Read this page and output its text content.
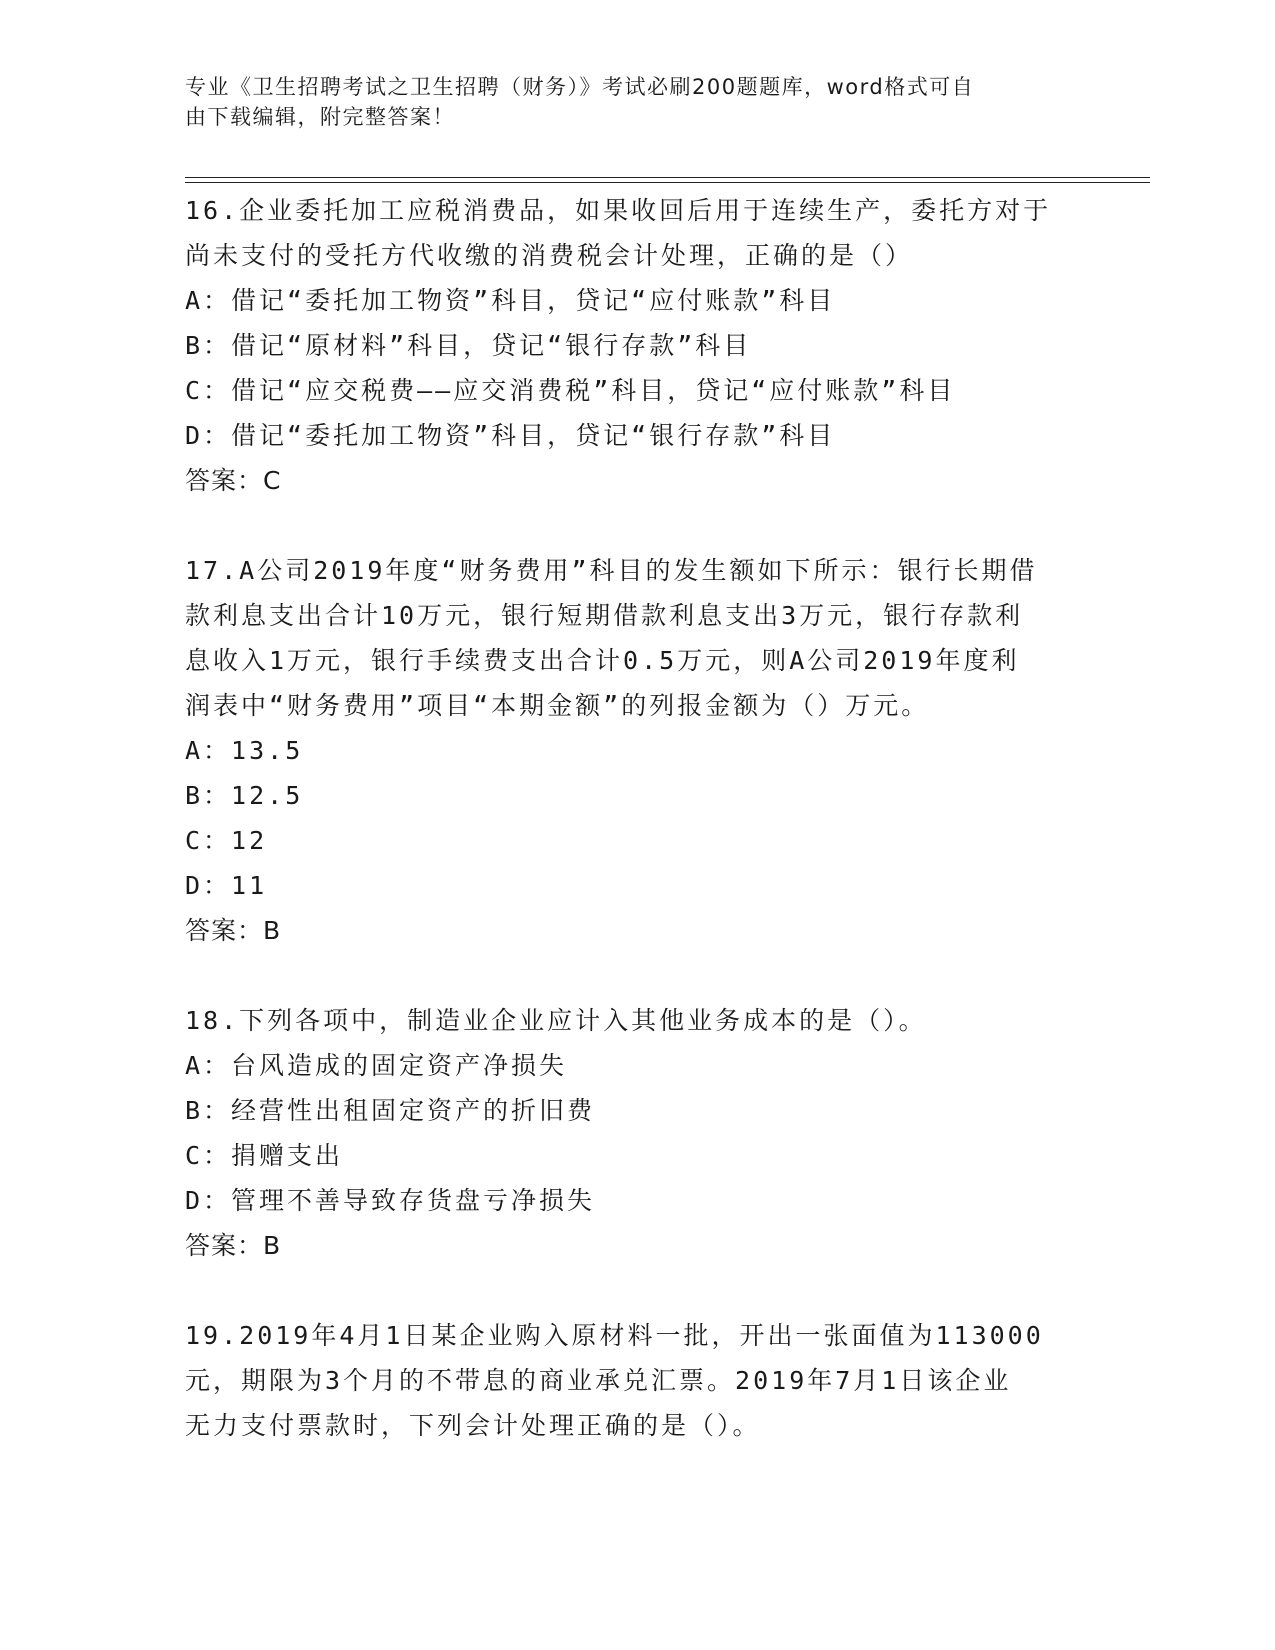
专业《卫生招聘考试之卫生招聘（财务）》考试必刷200题题库，word格式可自
由下载编辑，附完整答案！

16.企业委托加工应税消费品，如果收回后用于连续生产，委托方对于

尚未支付的受托方代收缴的消费税会计处理，正确的是（）

A：借记“委托加工物资”科目，贷记“应付账款”科目

B：借记“原材料”科目，贷记“银行存款”科目

C：借记“应交税费——应交消费税”科目，贷记“应付账款”科目

D：借记“委托加工物资”科目，贷记“银行存款”科目

答案：C

17.A公司2019年度“财务费用”科目的发生额如下所示：银行长期借

款利息支出合计10万元，银行短期借款利息支出3万元，银行存款利

息收入1万元，银行手续费支出合计0.5万元，则A公司2019年度利

润表中“财务费用”项目“本期金额”的列报金额为（）万元。

A：13.5

B：12.5

C：12

D：11

答案：B

18.下列各项中，制造业企业应计入其他业务成本的是（）。

A：台风造成的固定资产净损失

B：经营性出租固定资产的折旧费

C：捐赠支出

D：管理不善导致存货盘亏净损失

答案：B

19.2019年4月1日某企业购入原材料一批，开出一张面值为113000

元，期限为3个月的不带息的商业承兑汇票。2019年7月1日该企业

无力支付票款时，下列会计处理正确的是（）。
